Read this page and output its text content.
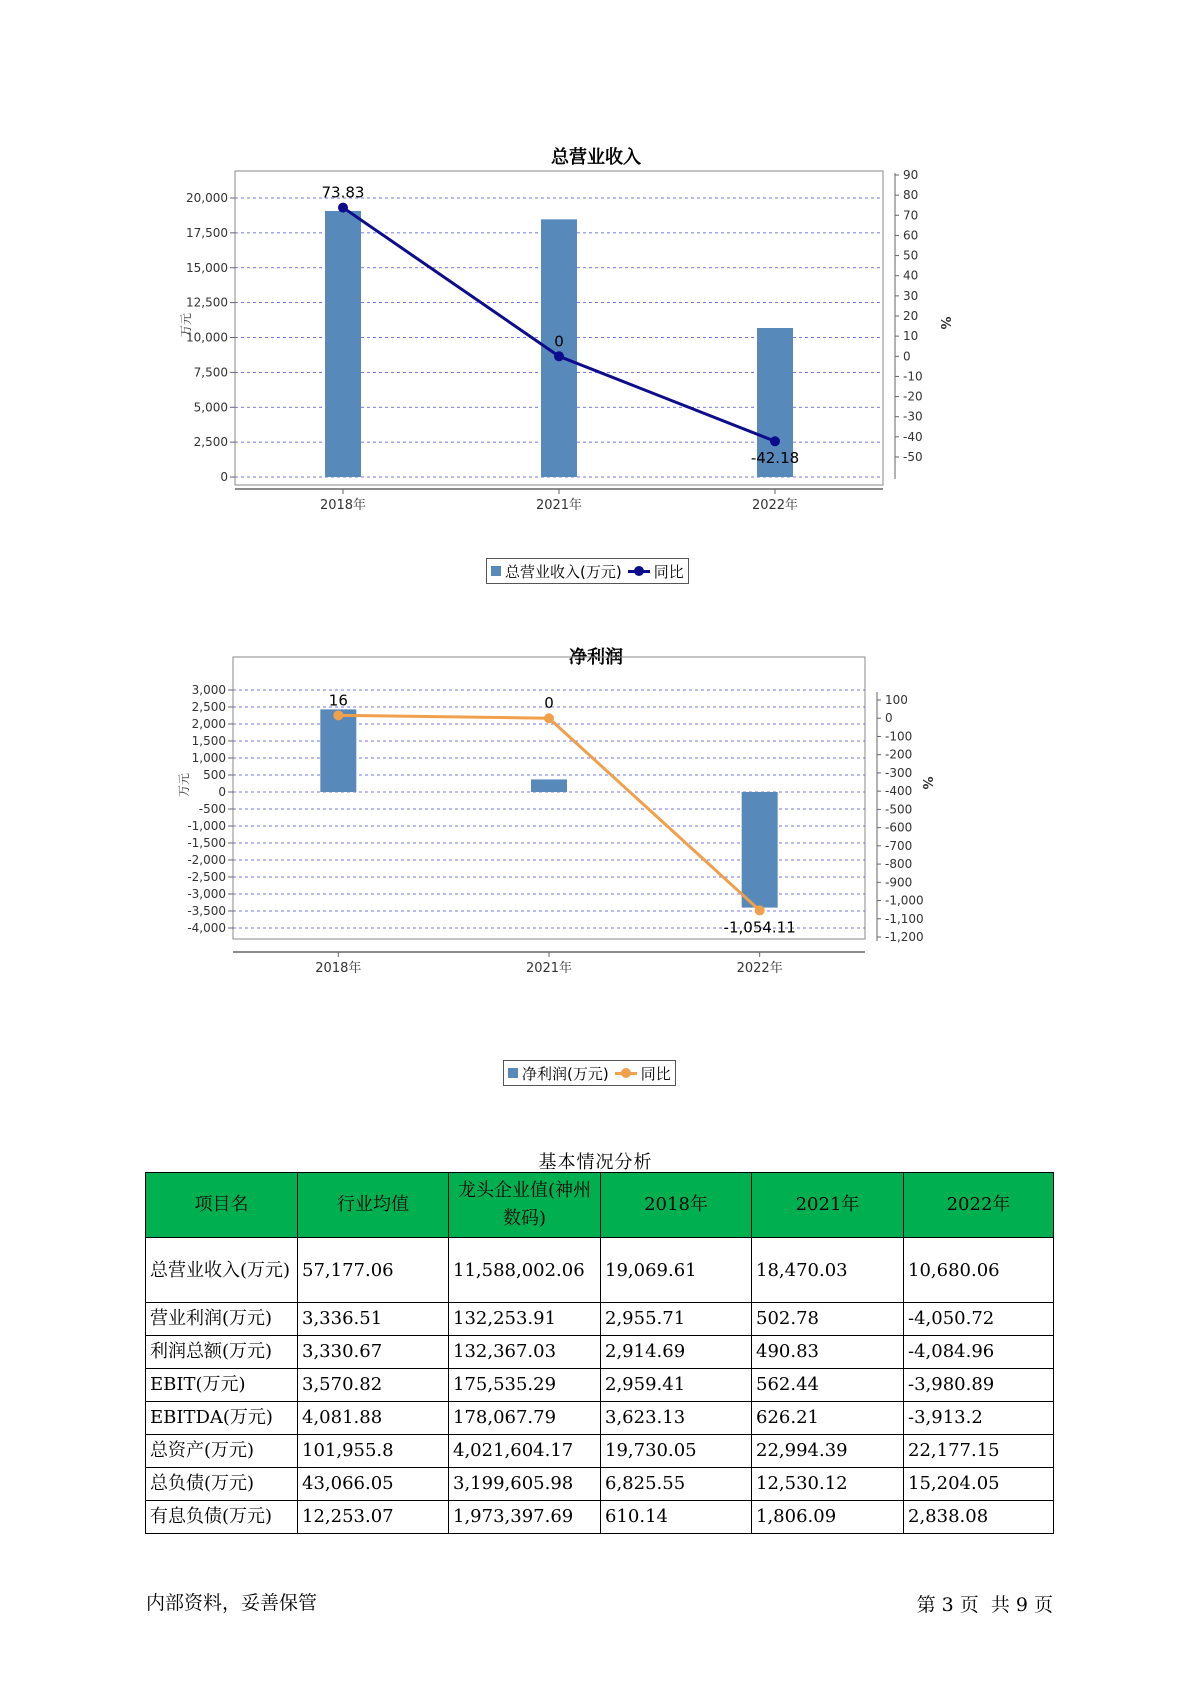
总营业收入
0
2,500
5,000
7,500
10,000
12,500
15,000
17,500
20,000
90
80
70
60
50
40
30
20
10
0
-10
-20
-30
-40
-50
万元	%
2018年	2021年	2022年
73.83
0
-42.18
总营业收入(万元) 同比
净利润
3,000
2,500
2,000
1,500
1,000
500
0
-500
-1,000
-1,500
-2,000
-2,500
-3,000
-3,500
-4,000
100
0
-100
-200
-300
-400
-500
-600
-700
-800
-900
-1,000
-1,100
-1,200
万元	%
2018年	2021年	2022年
16	0
-1,054.11
净利润(万元) 同比
基本情况分析
项目名	行业均值	龙头企业值(神州数码)	2018年	2021年	2022年
总营业收入(万元)	57,177.06	11,588,002.06	19,069.61	18,470.03	10,680.06
营业利润(万元)	3,336.51	132,253.91	2,955.71	502.78	-4,050.72
利润总额(万元)	3,330.67	132,367.03	2,914.69	490.83	-4,084.96
EBIT(万元)	3,570.82	175,535.29	2,959.41	562.44	-3,980.89
EBITDA(万元)	4,081.88	178,067.79	3,623.13	626.21	-3,913.2
总资产(万元)	101,955.8	4,021,604.17	19,730.05	22,994.39	22,177.15
总负债(万元)	43,066.05	3,199,605.98	6,825.55	12,530.12	15,204.05
有息负债(万元)	12,253.07	1,973,397.69	610.14	1,806.09	2,838.08
内部资料，妥善保管	第 3 页  共 9 页
